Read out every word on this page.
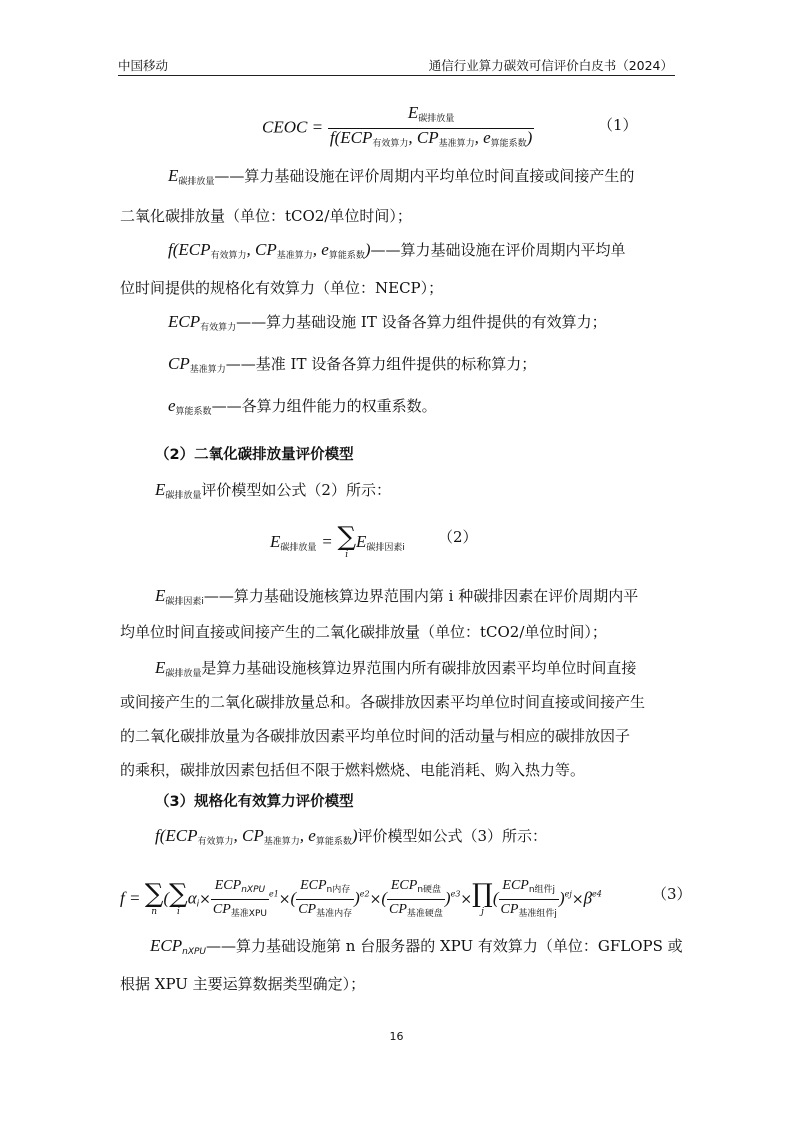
中国移动	通信行业算力碳效可信评价白皮书（2024）
CEOC = $\frac{E_{碳排放量}}{f(ECP_{有效算力}, CP_{基准算力}, e_{算能系数})}$	（1）
$E_{碳排放量}——$算力基础设施在评价周期内平均单位时间直接或间接产生的
二氧化碳排放量（单位：tCO2/单位时间）；
$f(ECP_{有效算力}$, $CP_{基准算力}$, $e_{算能系数})——$算力基础设施在评价周期内平均单
位时间提供的规格化有效算力（单位：NECP）；
$ECP_{有效算力}——$算力基础设施 IT 设备各算力组件提供的有效算力；
$CP_{基准算力}——$基准 IT 设备各算力组件提供的标称算力；
$e_{算能系数}——$各算力组件能力的权重系数。
（2）二氧化碳排放量评价模型
$E_{碳排放量}$评价模型如公式（2）所示：
$E_{碳排放量}$ = ∑
i
$E_{碳排因素i}$
（2）
$E_{碳排因素i}——$算力基础设施核算边界范围内第 i 种碳排因素在评价周期内平
均单位时间直接或间接产生的二氧化碳排放量（单位：tCO2/单位时间）；
$E_{碳排放量}$是算力基础设施核算边界范围内所有碳排放因素平均单位时间直接
或间接产生的二氧化碳排放量总和。各碳排放因素平均单位时间直接或间接产生
的二氧化碳排放量为各碳排放因素平均单位时间的活动量与相应的碳排放因子
的乘积，碳排放因素包括但不限于燃料燃烧、电能消耗、购入热力等。
（3）规格化有效算力评价模型
$f(ECP_{有效算力}$, $CP_{基准算力}$, $e_{算能系数}$)评价模型如公式（3）所示：
f = ∑
n
( ∑
i
$\alpha_i\times \frac{ECP_{nXPU}}{CP_{基准XPU}} ^{e1}\times( \frac{ECP_{n内存}}{CP_{基准内存}} )^{e2}\times( \frac{ECP_{n硬盘}}{CP_{基准硬盘}} )^{e3}\times$ ∏
j
( $\frac{ECP_{n组件j}}{CP_{基准组件j}} )^{ej}\times\beta^{e4}$	（3）
$ECP_{nXPU}——$算力基础设施第 n 台服务器的 XPU 有效算力（单位：GFLOPS 或
根据 XPU 主要运算数据类型确定）；
16
